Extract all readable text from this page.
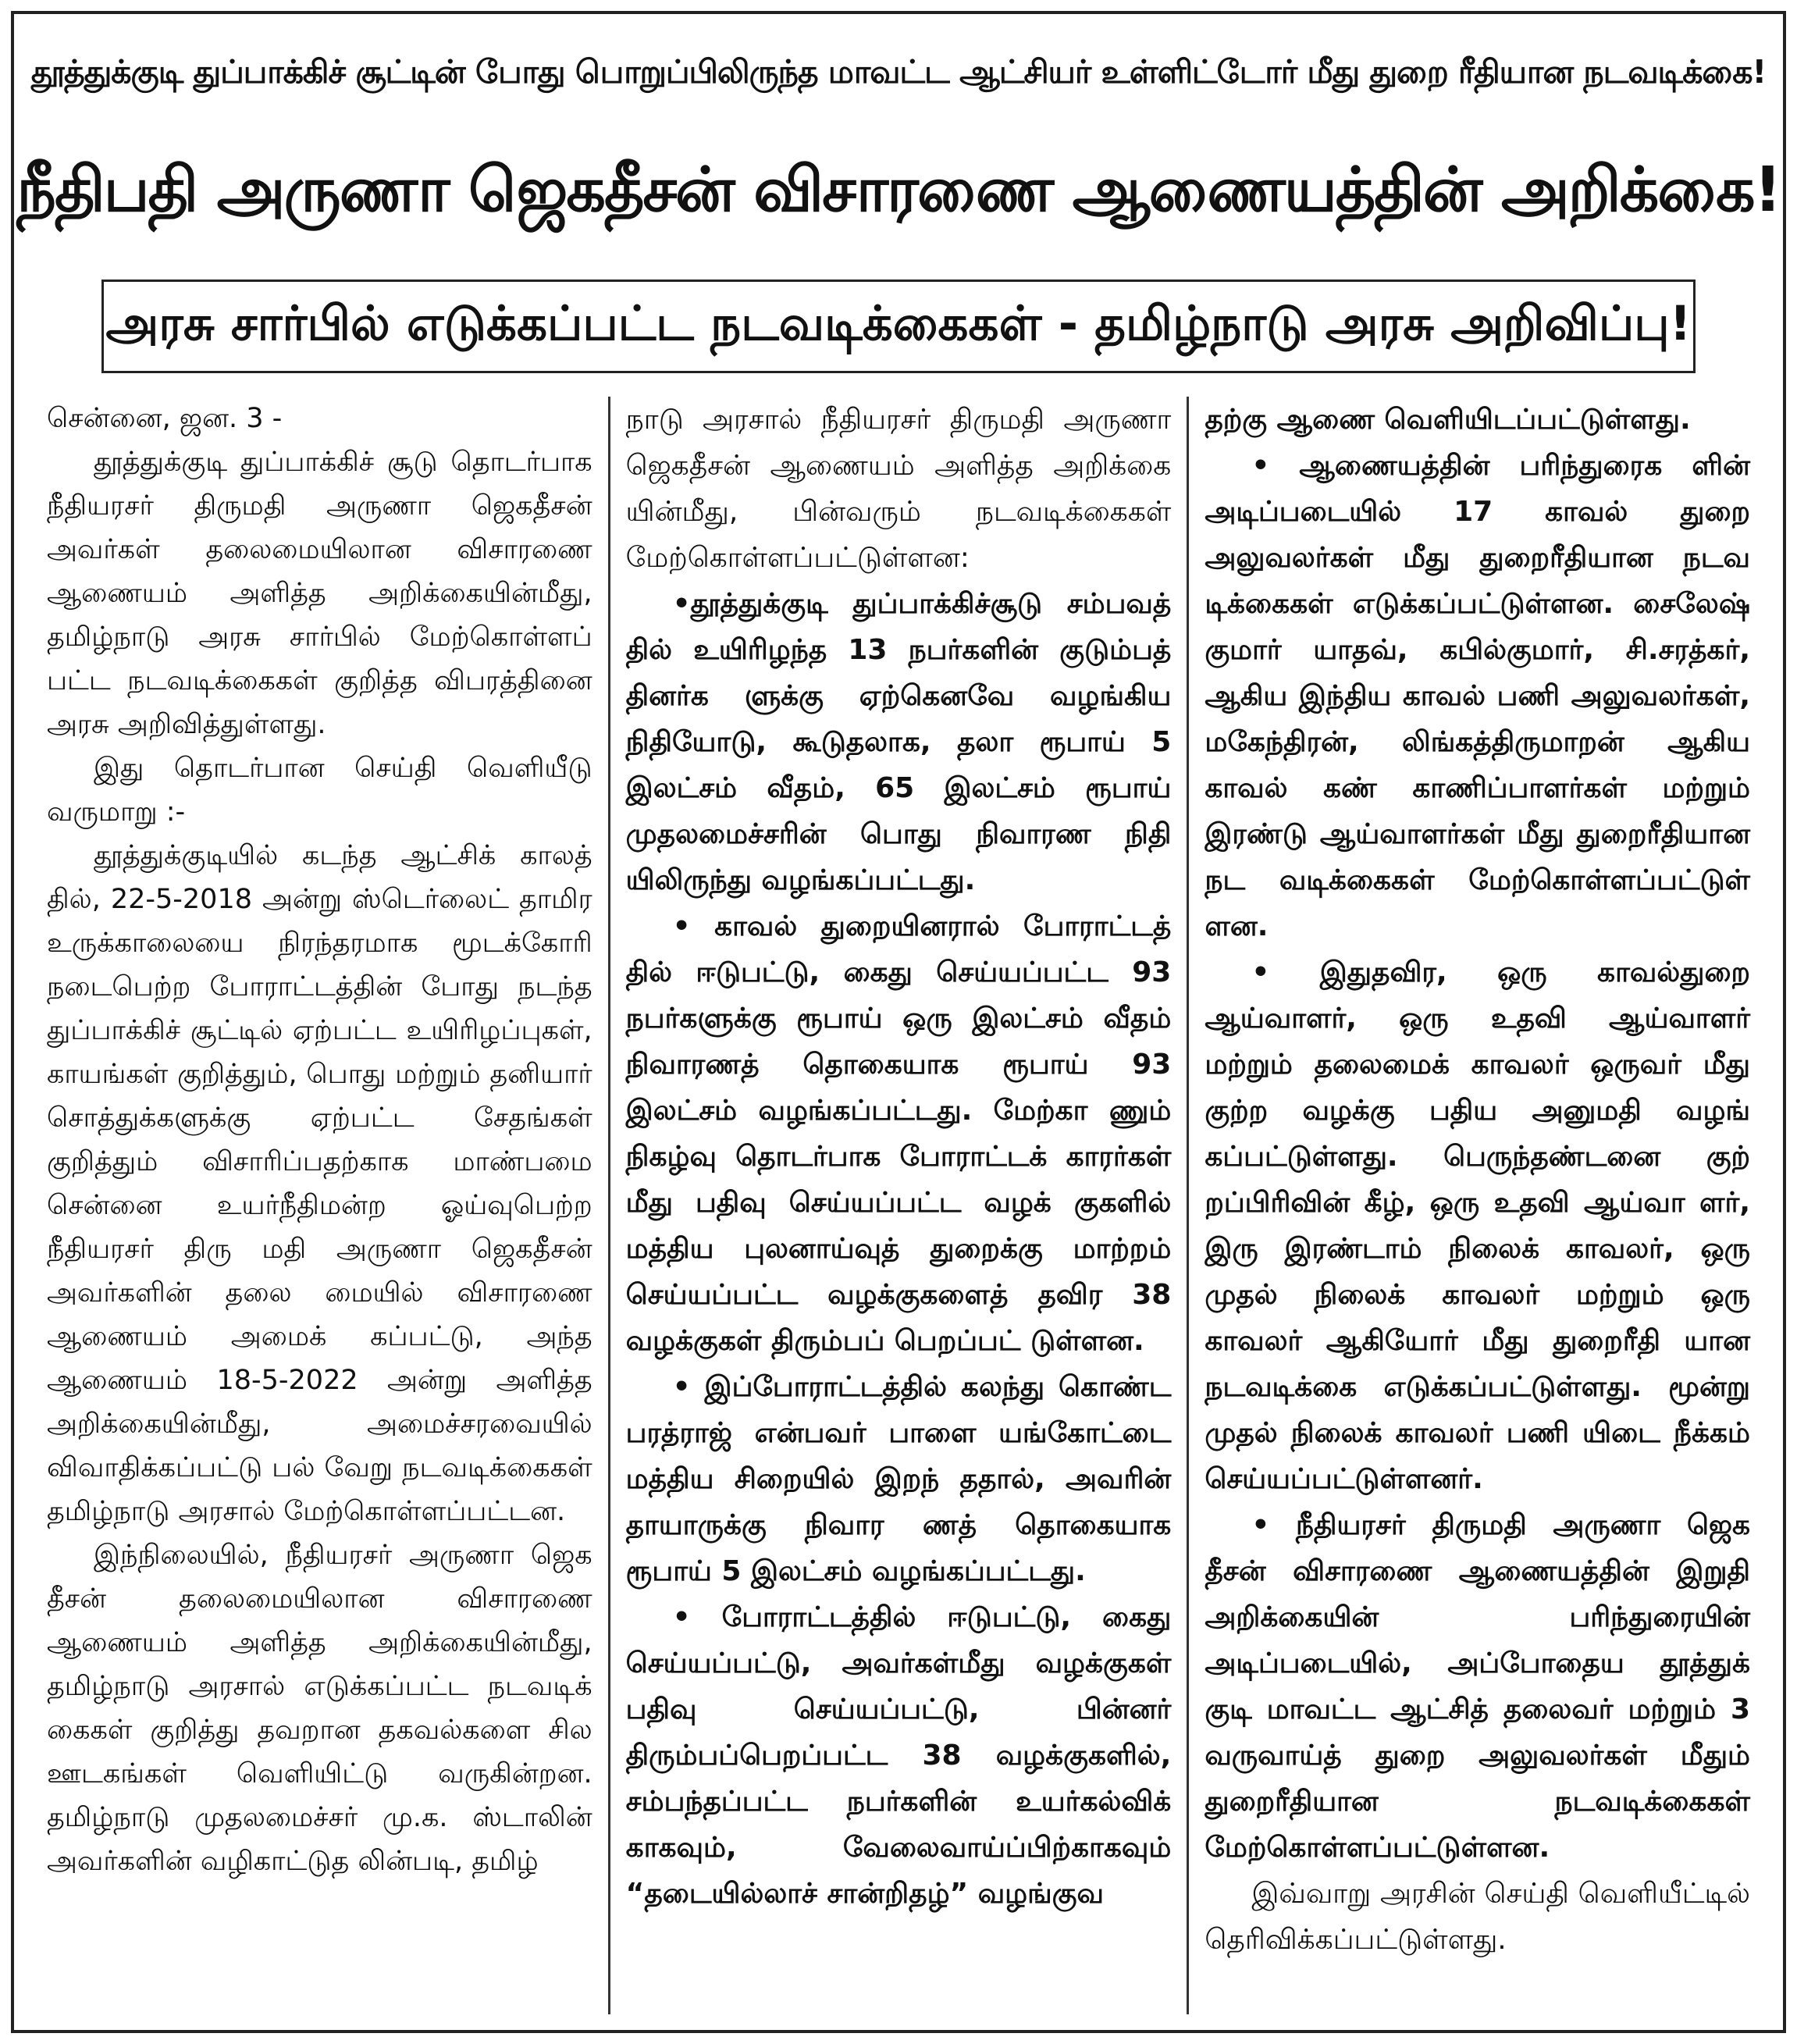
தூத்துக்குடி துப்பாக்கிச் சூட்டின் போது பொறுப்பிலிருந்த மாவட்ட ஆட்சியர் உள்ளிட்டோர் மீது துறை ரீதியான நடவடிக்கை!
நீதிபதி அருணா ஜெகதீசன் விசாரணை ஆணையத்தின் அறிக்கை!
அரசு சார்பில் எடுக்கப்பட்ட நடவடிக்கைகள் - தமிழ்நாடு அரசு அறிவிப்பு!

சென்னை, ஜன. 3 -

தூத்துக்குடி துப்பாக்கிச் சூடு தொடர்பாக நீதியரசர் திருமதி அருணா ஜெகதீசன் அவர்கள் தலைமையிலான விசாரணை ஆணையம் அளித்த அறிக்கையின்மீது, தமிழ்நாடு அரசு சார்பில் மேற்கொள்ளப் பட்ட நடவடிக்கைகள் குறித்த விபரத்தினை அரசு அறிவித்துள்ளது.

இது தொடர்பான செய்தி வெளியீடு வருமாறு :-

தூத்துக்குடியில் கடந்த ஆட்சிக் காலத் தில், 22-5-2018 அன்று ஸ்டெர்லைட் தாமிர உருக்காலையை நிரந்தரமாக மூடக்கோரி நடைபெற்ற போராட்டத்தின் போது நடந்த துப்பாக்கிச் சூட்டில் ஏற்பட்ட உயிரிழப்புகள், காயங்கள் குறித்தும், பொது மற்றும் தனியார் சொத்துக்களுக்கு ஏற்பட்ட சேதங்கள் குறித்தும் விசாரிப்பதற்காக மாண்பமை சென்னை உயர்நீதிமன்ற ஓய்வுபெற்ற நீதியரசர் திரு மதி அருணா ஜெகதீசன் அவர்களின் தலை மையில் விசாரணை ஆணையம் அமைக் கப்பட்டு, அந்த ஆணையம் 18-5-2022 அன்று அளித்த அறிக்கையின்மீது, அமைச்சரவையில் விவாதிக்கப்பட்டு பல் வேறு நடவடிக்கைகள் தமிழ்நாடு அரசால் மேற்கொள்ளப்பட்டன.

இந்நிலையில், நீதியரசர் அருணா ஜெக தீசன் தலைமையிலான விசாரணை ஆணையம் அளித்த அறிக்கையின்மீது, தமிழ்நாடு அரசால் எடுக்கப்பட்ட நடவடிக் கைகள் குறித்து தவறான தகவல்களை சில ஊடகங்கள் வெளியிட்டு வருகின்றன. தமிழ்நாடு முதலமைச்சர் மு.க. ஸ்டாலின் அவர்களின் வழிகாட்டுத லின்படி, தமிழ்

நாடு அரசால் நீதியரசர் திருமதி அருணா ஜெகதீசன் ஆணையம் அளித்த அறிக்கை யின்மீது, பின்வரும் நடவடிக்கைகள் மேற்கொள்ளப்பட்டுள்ளன:

•தூத்துக்குடி துப்பாக்கிச்சூடு சம்பவத் தில் உயிரிழந்த 13 நபர்களின் குடும்பத் தினர்க ளுக்கு ஏற்கெனவே வழங்கிய நிதியோடு, கூடுதலாக, தலா ரூபாய் 5 இலட்சம் வீதம், 65 இலட்சம் ரூபாய் முதலமைச்சரின் பொது நிவாரண நிதி யிலிருந்து வழங்கப்பட்டது.

• காவல் துறையினரால் போராட்டத் தில் ஈடுபட்டு, கைது செய்யப்பட்ட 93 நபர்களுக்கு ரூபாய் ஒரு இலட்சம் வீதம் நிவாரணத் தொகையாக ரூபாய் 93 இலட்சம் வழங்கப்பட்டது. மேற்கா ணும் நிகழ்வு தொடர்பாக போராட்டக் காரர்கள் மீது பதிவு செய்யப்பட்ட வழக் குகளில் மத்திய புலனாய்வுத் துறைக்கு மாற்றம் செய்யப்பட்ட வழக்குகளைத் தவிர 38 வழக்குகள் திரும்பப் பெறப்பட் டுள்ளன.

• இப்போராட்டத்தில் கலந்து கொண்ட பரத்ராஜ் என்பவர் பாளை யங்கோட்டை மத்திய சிறையில் இறந் ததால், அவரின் தாயாருக்கு நிவார ணத் தொகையாக ரூபாய் 5 இலட்சம் வழங்கப்பட்டது.

• போராட்டத்தில் ஈடுபட்டு, கைது செய்யப்பட்டு, அவர்கள்மீது வழக்குகள் பதிவு செய்யப்பட்டு, பின்னர் திரும்பப்பெறப்பட்ட 38 வழக்குகளில், சம்பந்தப்பட்ட நபர்களின் உயர்கல்விக் காகவும், வேலைவாய்ப்பிற்காகவும் “தடையில்லாச் சான்றிதழ்” வழங்குவ

தற்கு ஆணை வெளியிடப்பட்டுள்ளது.

• ஆணையத்தின் பரிந்துரைக ளின் அடிப்படையில் 17 காவல் துறை அலுவலர்கள் மீது துறைரீதியான நடவ டிக்கைகள் எடுக்கப்பட்டுள்ளன. சைலேஷ் குமார் யாதவ், கபில்குமார், சி.சரத்கர், ஆகிய இந்திய காவல் பணி அலுவலர்கள், மகேந்திரன், லிங்கத்திருமாறன் ஆகிய காவல் கண் காணிப்பாளர்கள் மற்றும் இரண்டு ஆய்வாளர்கள் மீது துறைரீதியான நட வடிக்கைகள் மேற்கொள்ளப்பட்டுள் ளன.

• இதுதவிர, ஒரு காவல்துறை ஆய்வாளர், ஒரு உதவி ஆய்வாளர் மற்றும் தலைமைக் காவலர் ஒருவர் மீது குற்ற வழக்கு பதிய அனுமதி வழங் கப்பட்டுள்ளது. பெருந்தண்டனை குற் றப்பிரிவின் கீழ், ஒரு உதவி ஆய்வா ளர், இரு இரண்டாம் நிலைக் காவலர், ஒரு முதல் நிலைக் காவலர் மற்றும் ஒரு காவலர் ஆகியோர் மீது துறைரீதி யான நடவடிக்கை எடுக்கப்பட்டுள்ளது. மூன்று முதல் நிலைக் காவலர் பணி யிடை நீக்கம் செய்யப்பட்டுள்ளனர்.

• நீதியரசர் திருமதி அருணா ஜெக தீசன் விசாரணை ஆணையத்தின் இறுதி அறிக்கையின் பரிந்துரையின் அடிப்படையில், அப்போதைய தூத்துக் குடி மாவட்ட ஆட்சித் தலைவர் மற்றும் 3 வருவாய்த் துறை அலுவலர்கள் மீதும் துறைரீதியான நடவடிக்கைகள் மேற்கொள்ளப்பட்டுள்ளன.

இவ்வாறு அரசின் செய்தி வெளியீட்டில் தெரிவிக்கப்பட்டுள்ளது.
